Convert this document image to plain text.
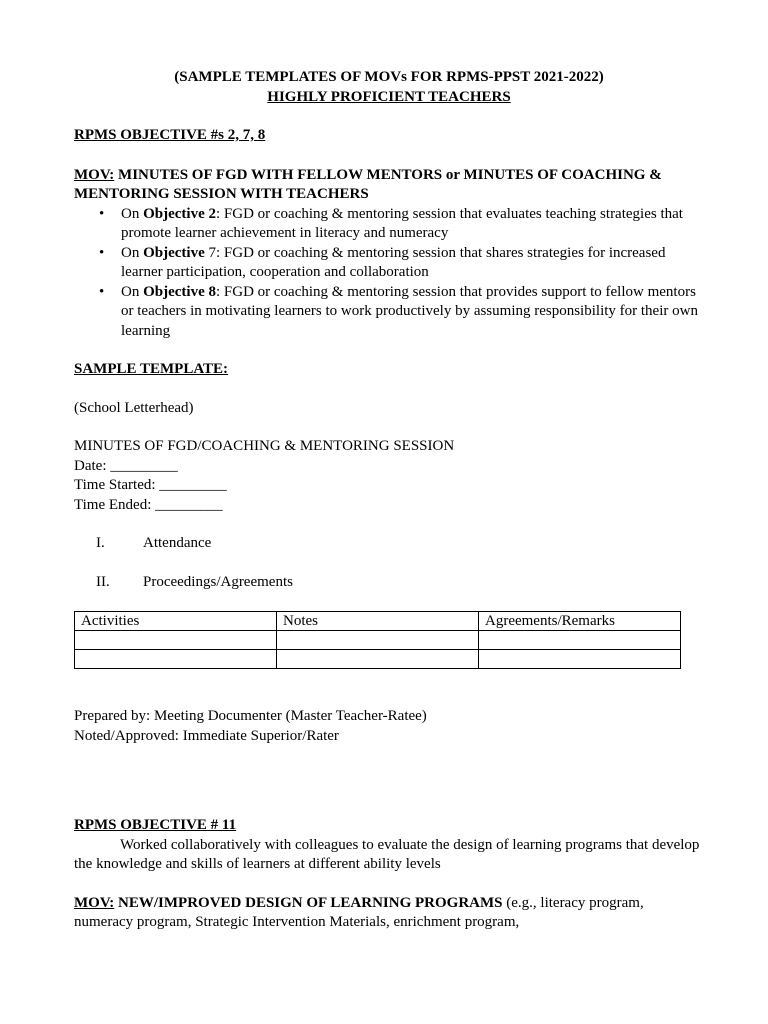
(SAMPLE TEMPLATES OF MOVs FOR RPMS-PPST 2021-2022)

HIGHLY PROFICIENT TEACHERS

RPMS OBJECTIVE #s 2, 7, 8

MOV: MINUTES OF FGD WITH FELLOW MENTORS or MINUTES OF COACHING & MENTORING SESSION WITH TEACHERS

• On Objective 2: FGD or coaching & mentoring session that evaluates teaching strategies that promote learner achievement in literacy and numeracy
• On Objective 7: FGD or coaching & mentoring session that shares strategies for increased learner participation, cooperation and collaboration
• On Objective 8: FGD or coaching & mentoring session that provides support to fellow mentors or teachers in motivating learners to work productively by assuming responsibility for their own learning

SAMPLE TEMPLATE:

(School Letterhead)

MINUTES OF FGD/COACHING & MENTORING SESSION

Date: _________

Time Started: _________

Time Ended: _________

I.	Attendance
II. Proceedings/Agreements
Activities	Notes	Agreements/Remarks

Prepared by: Meeting Documenter (Master Teacher-Ratee)

Noted/Approved: Immediate Superior/Rater

RPMS OBJECTIVE # 11

Worked collaboratively with colleagues to evaluate the design of learning programs that develop the knowledge and skills of learners at different ability levels

MOV: NEW/IMPROVED DESIGN OF LEARNING PROGRAMS (e.g., literacy program, numeracy program, Strategic Intervention Materials, enrichment program,
